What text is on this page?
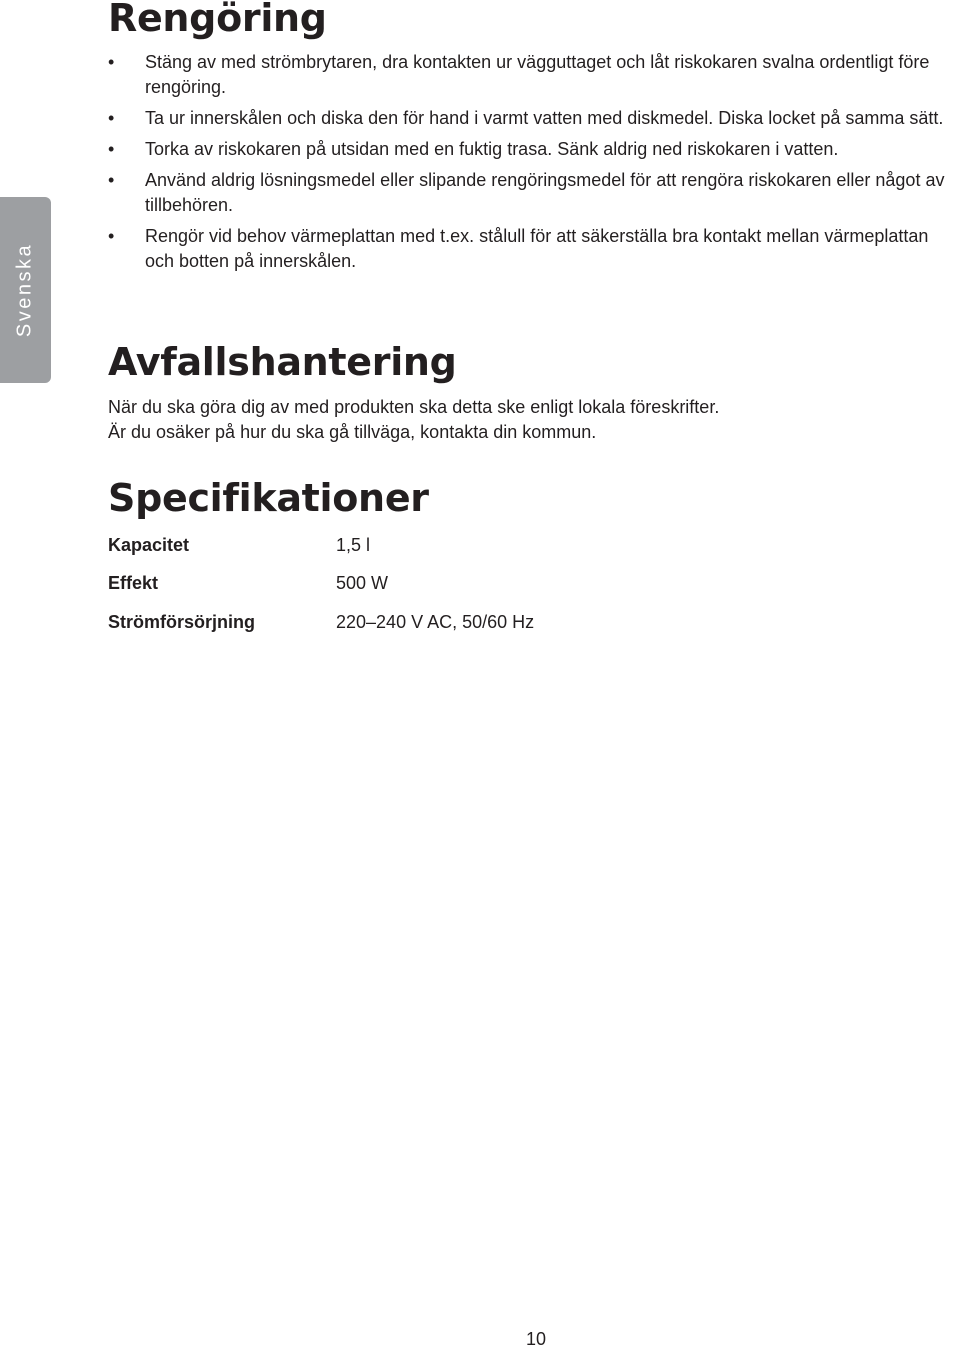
Svenska
Rengöring
• Stäng av med strömbrytaren, dra kontakten ur vägguttaget och låt riskokaren svalna ordentligt före rengöring.
• Ta ur innerskålen och diska den för hand i varmt vatten med diskmedel. Diska locket på samma sätt.
• Torka av riskokaren på utsidan med en fuktig trasa. Sänk aldrig ned riskokaren i vatten.
• Använd aldrig lösningsmedel eller slipande rengöringsmedel för att rengöra riskokaren eller något av tillbehören.
• Rengör vid behov värmeplattan med t.ex. stålull för att säkerställa bra kontakt mellan värmeplattan och botten på innerskålen.
Avfallshantering
När du ska göra dig av med produkten ska detta ske enligt lokala föreskrifter.
Är du osäker på hur du ska gå tillväga, kontakta din kommun.
Specifikationer
Kapacitet	1,5 l
Effekt	500 W
Strömförsörjning	220–240 V AC, 50/60 Hz
10
